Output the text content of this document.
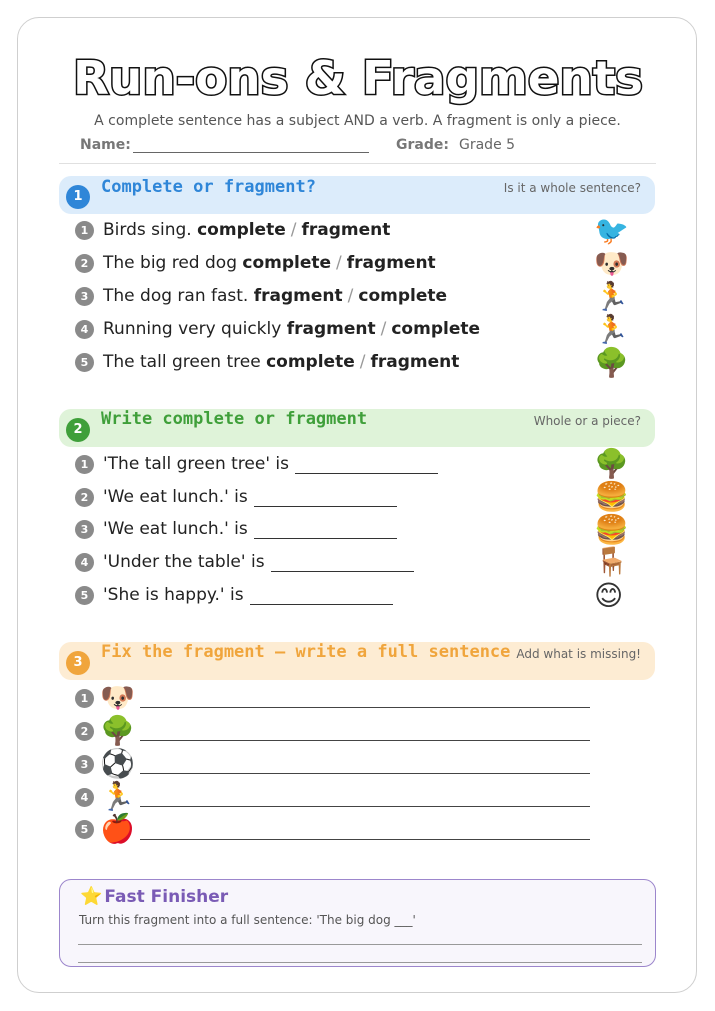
Run-ons & Fragments
A complete sentence has a subject AND a verb. A fragment is only a piece.
Name:	Grade: Grade 5
1	Complete or fragment?	Is it a whole sentence?
1 Birds sing. complete / fragment	🐦
2 The big red dog complete / fragment	🐶
3 The dog ran fast. fragment / complete	🏃
4 Running very quickly fragment / complete	🏃
5 The tall green tree complete / fragment	🌳
2
Write complete or fragment	Whole or a piece?
1 'The tall green tree' is	🌳
2 'We eat lunch.' is	🍔
3 'We eat lunch.' is	🍔
4 'Under the table' is	🪑
5 'She is happy.' is	😊
3
Fix the fragment — write a full sentence Add what is missing!
1 🐶
2 🌳
3 ⚽
4 🏃
5 🍎
⭐ Fast Finisher
Turn this fragment into a full sentence: 'The big dog ___'
